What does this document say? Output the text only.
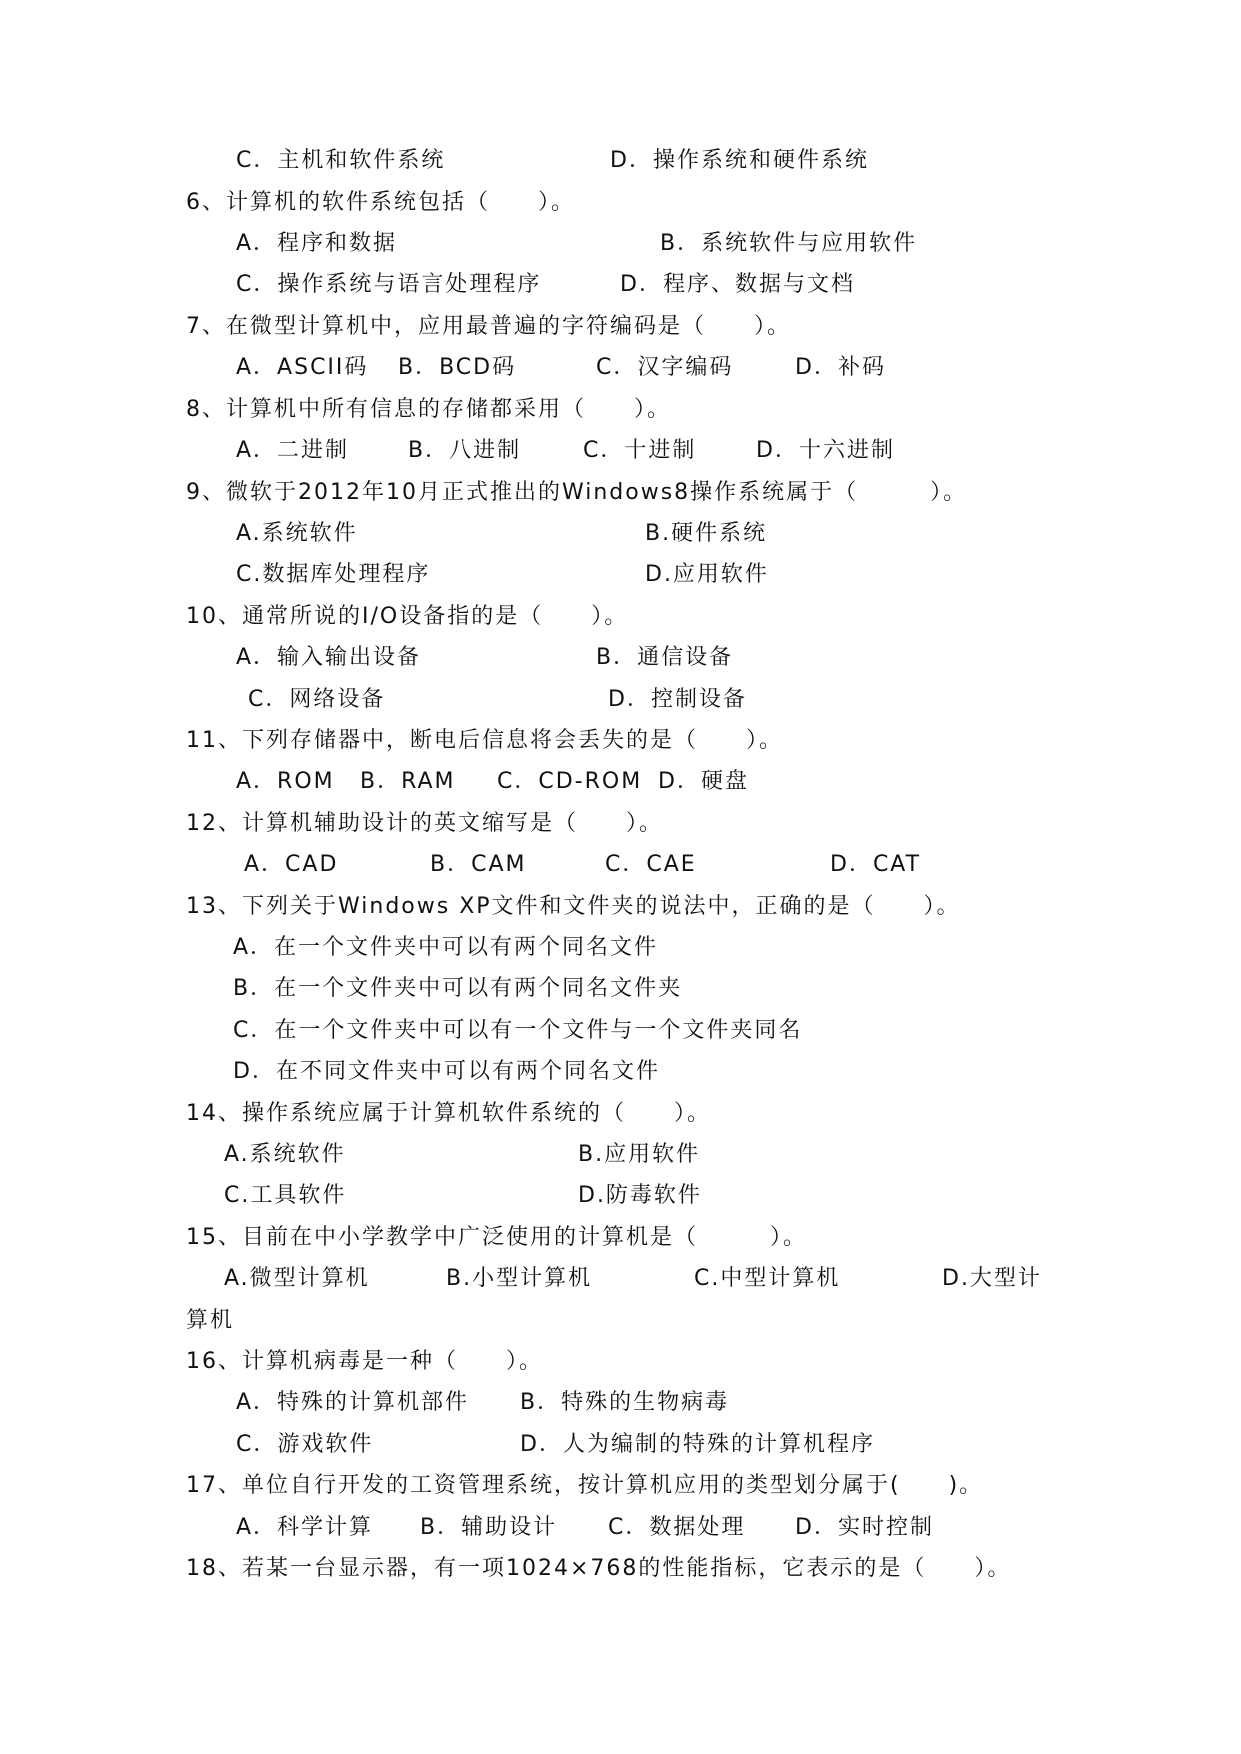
C．主机和软件系统	D．操作系统和硬件系统
6、计算机的软件系统包括（　　）。
A．程序和数据	B．系统软件与应用软件
C．操作系统与语言处理程序	D．程序、数据与文档
7、在微型计算机中，应用最普遍的字符编码是（　　）。
A．ASCII码 B．BCD码	C．汉字编码	D．补码
8、计算机中所有信息的存储都采用（　　）。
A．二进制	B．八进制	C．十进制	D．十六进制
9、微软于2012年10月正式推出的Windows8操作系统属于（　　　）。
A.系统软件	B.硬件系统
C.数据库处理程序	D.应用软件
10、通常所说的I/O设备指的是（　　）。
A．输入输出设备	B．通信设备
C．网络设备	D．控制设备
11、下列存储器中，断电后信息将会丢失的是（　　）。
A．ROM B．RAM C．CD-ROM D．硬盘
12、计算机辅助设计的英文缩写是（　　）。
A．CAD	B．CAM	C．CAE	D．CAT
13、下列关于Windows XP文件和文件夹的说法中，正确的是（　　）。
A．在一个文件夹中可以有两个同名文件
B．在一个文件夹中可以有两个同名文件夹
C．在一个文件夹中可以有一个文件与一个文件夹同名
D．在不同文件夹中可以有两个同名文件
14、操作系统应属于计算机软件系统的（　　）。
A.系统软件	B.应用软件
C.工具软件	D.防毒软件
15、目前在中小学教学中广泛使用的计算机是（　　　）。
A.微型计算机	B.小型计算机	C.中型计算机	D.大型计
算机
16、计算机病毒是一种（　　）。
A．特殊的计算机部件 B．特殊的生物病毒
C．游戏软件	D．人为编制的特殊的计算机程序
17、单位自行开发的工资管理系统，按计算机应用的类型划分属于(　　)。
A．科学计算 B．辅助设计 C．数据处理 D．实时控制
18、若某一台显示器，有一项1024×768的性能指标，它表示的是（　　）。
